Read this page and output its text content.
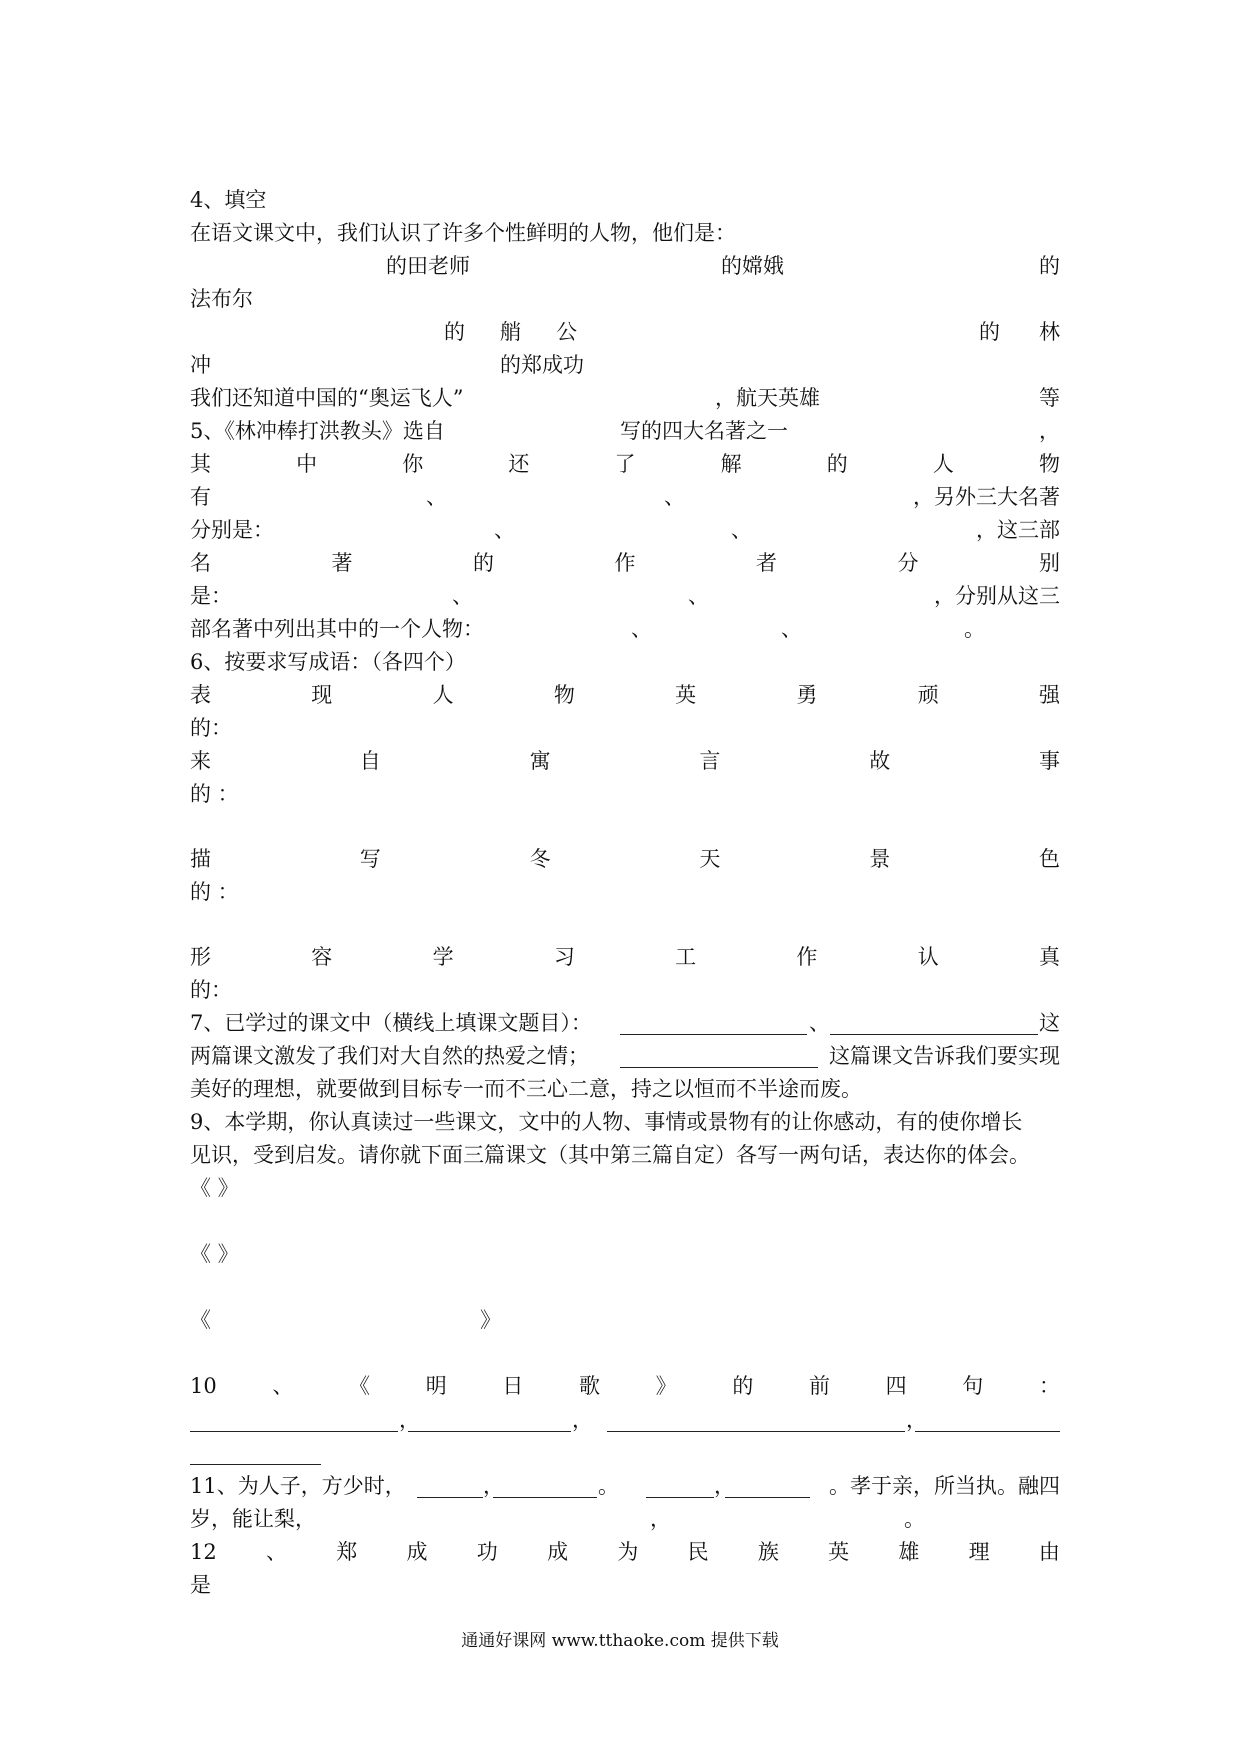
4、填空
在语文课文中，我们认识了许多个性鲜明的人物，他们是：
的田老师	的嫦娥	的
法布尔
的 艄 公	的 林
冲	的郑成功
我们还知道中国的“奥运飞人”	，航天英雄	等
5、《林冲棒打洪教头》选自	写的四大名著之一	，
其	中	你	还	了	解	的	人	物
有	、	、	，另外三大名著
分别是：	、	、	，这三部
名	著	的	作	者	分	别
是：	、	、	，分别从这三
部名著中列出其中的一个人物：	、	、	。
6、按要求写成语：（各四个）
表	现	人	物	英	勇	顽	强
的：
来	自	寓	言	故	事
的 ：
描	写	冬	天	景	色
的 ：
形	容	学	习	工	作	认	真
的：
7、已学过的课文中（横线上填课文题目）：	、	这
两篇课文激发了我们对大自然的热爱之情；	这篇课文告诉我们要实现
美好的理想，就要做到目标专一而不三心二意，持之以恒而不半途而废。
9、本学期，你认真读过一些课文，文中的人物、事情或景物有的让你感动，有的使你增长
见识，受到启发。请你就下面三篇课文（其中第三篇自定）各写一两句话，表达你的体会。
《 》
《 》
《	》
10	、	《	明	日	歌	》	的	前	四	句	：
，	，	，
11、为人子，方少时，	，	。	，	。孝于亲，所当执。融四
岁，能让梨，	，	。
12 、 郑 成 功 成 为 民 族 英 雄 理 由
是
通通好课网 www.tthaoke.com 提供下载
